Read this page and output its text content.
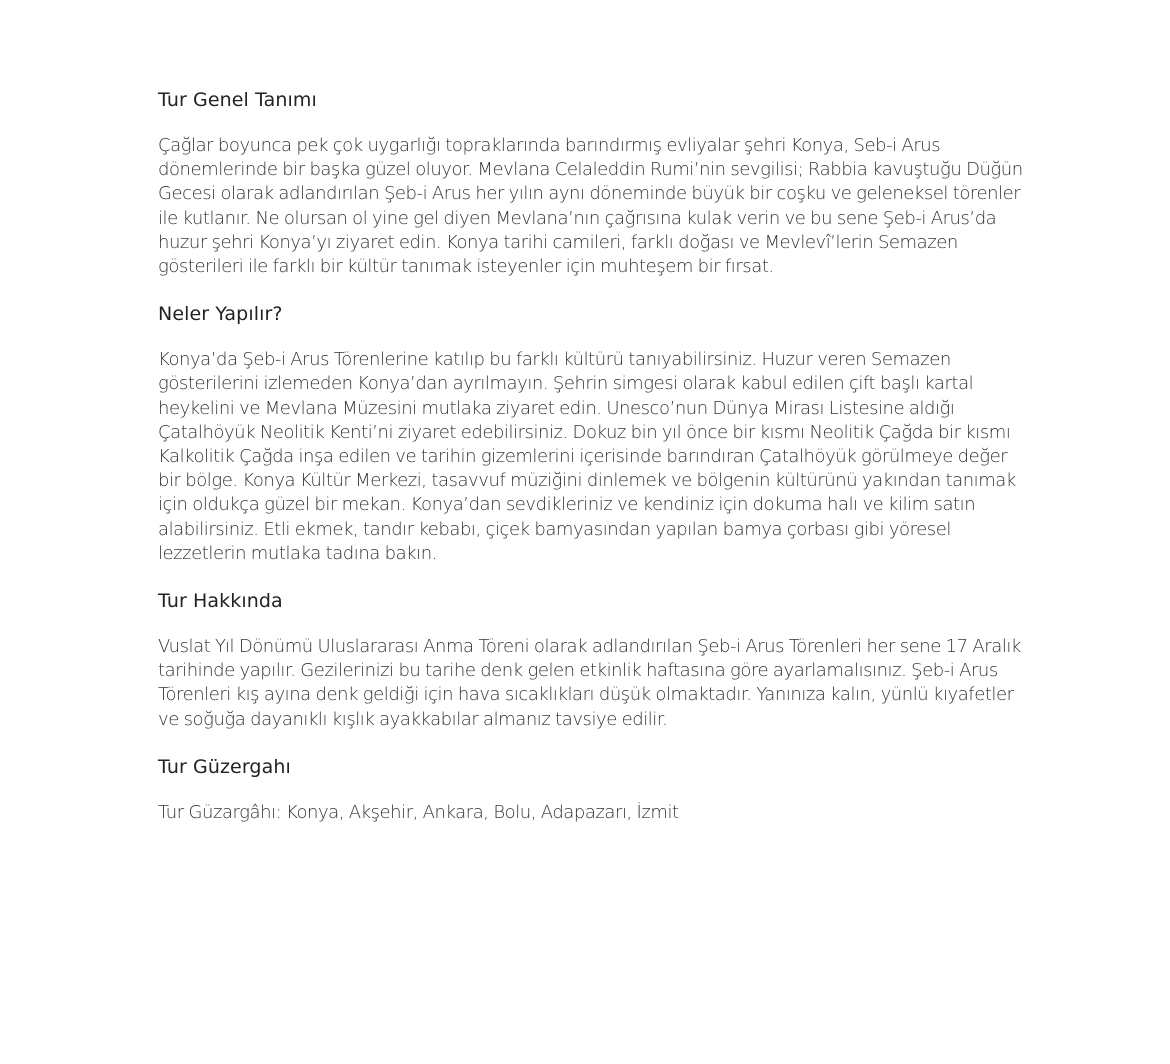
Tur Genel Tanımı

Çağlar boyunca pek çok uygarlığı topraklarında barındırmış evliyalar şehri Konya, Seb-i Arus dönemlerinde bir başka güzel oluyor. Mevlana Celaleddin Rumi’nin sevgilisi; Rabbia kavuştuğu Düğün Gecesi olarak adlandırılan Şeb-i Arus her yılın aynı döneminde büyük bir coşku ve geleneksel törenler ile kutlanır. Ne olursan ol yine gel diyen Mevlana’nın çağrısına kulak verin ve bu sene Şeb-i Arus’da huzur şehri Konya’yı ziyaret edin. Konya tarihi camileri, farklı doğası ve Mevlevî’lerin Semazen gösterileri ile farklı bir kültür tanımak isteyenler için muhteşem bir fırsat.

Neler Yapılır?

Konya’da Şeb-i Arus Törenlerine katılıp bu farklı kültürü tanıyabilirsiniz. Huzur veren Semazen gösterilerini izlemeden Konya’dan ayrılmayın. Şehrin simgesi olarak kabul edilen çift başlı kartal heykelini ve Mevlana Müzesini mutlaka ziyaret edin. Unesco’nun Dünya Mirası Listesine aldığı Çatalhöyük Neolitik Kenti’ni ziyaret edebilirsiniz. Dokuz bin yıl önce bir kısmı Neolitik Çağda bir kısmı Kalkolitik Çağda inşa edilen ve tarihin gizemlerini içerisinde barındıran Çatalhöyük görülmeye değer bir bölge. Konya Kültür Merkezi, tasavvuf müziğini dinlemek ve bölgenin kültürünü yakından tanımak için oldukça güzel bir mekan. Konya’dan sevdikleriniz ve kendiniz için dokuma halı ve kilim satın alabilirsiniz. Etli ekmek, tandır kebabı, çiçek bamyasından yapılan bamya çorbası gibi yöresel lezzetlerin mutlaka tadına bakın.

Tur Hakkında

Vuslat Yıl Dönümü Uluslararası Anma Töreni olarak adlandırılan Şeb-i Arus Törenleri her sene 17 Aralık tarihinde yapılır. Gezilerinizi bu tarihe denk gelen etkinlik haftasına göre ayarlamalısınız. Şeb-i Arus Törenleri kış ayına denk geldiği için hava sıcaklıkları düşük olmaktadır. Yanınıza kalın, yünlü kıyafetler ve soğuğa dayanıklı kışlık ayakkabılar almanız tavsiye edilir.

Tur Güzergahı

Tur Güzargâhı: Konya, Akşehir, Ankara, Bolu, Adapazarı, İzmit
